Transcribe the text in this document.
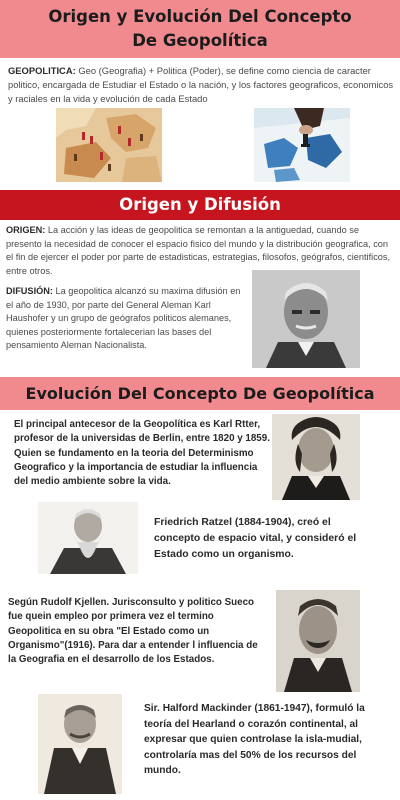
Origen y Evolución Del Concepto
De Geopolítica
GEOPOLITICA: Geo (Geografia) + Politica (Poder), se define como ciencia de caracter politico, encargada de Estudiar el Estado o la nación, y los factores geograficos, economicos y raciales en la vida y evolución de cada Estado
Origen y Difusión
ORIGEN: La acción y las ideas de geopolitica se remontan a la antiguedad, cuando se presento la necesidad de conocer el espacio fisico del mundo y la distribución geografica, con el fin de ejercer el poder por parte de estadisticas, estrategias, filosofos, geógrafos, cientificos, entre otros.
DIFUSIÓN: La geopolitica alcanzó su maxima difusión en el año de 1930, por parte del General Aleman Karl Haushofer y un grupo de geógrafos politicos alemanes, quienes posteriormente fortalecerian las bases del pensamiento Aleman Nacionalista.
Evolución Del Concepto De Geopolítica
El principal antecesor de la Geopolítica es Karl Rtter, profesor de la universidas de Berlin, entre 1820 y 1859. Quien se fundamento en la teoria del Determinismo Geografico y la importancia de estudiar la influencia del medio ambiente sobre la vida.
Friedrich Ratzel (1884-1904), creó el concepto de espacio vital, y consideró el Estado como un organismo.
Según Rudolf Kjellen. Jurisconsulto y politico Sueco fue quein empleo por primera vez el termino Geopolitica en su obra "El Estado como un Organismo"(1916). Para dar a entender l influencia de la Geografia en el desarrollo de los Estados.
Sir. Halford Mackinder (1861-1947), formuló la teoría del Hearland o corazón continental, al expresar que quien controlase la isla-mudial, controlaría mas del 50% de los recursos del mundo.
